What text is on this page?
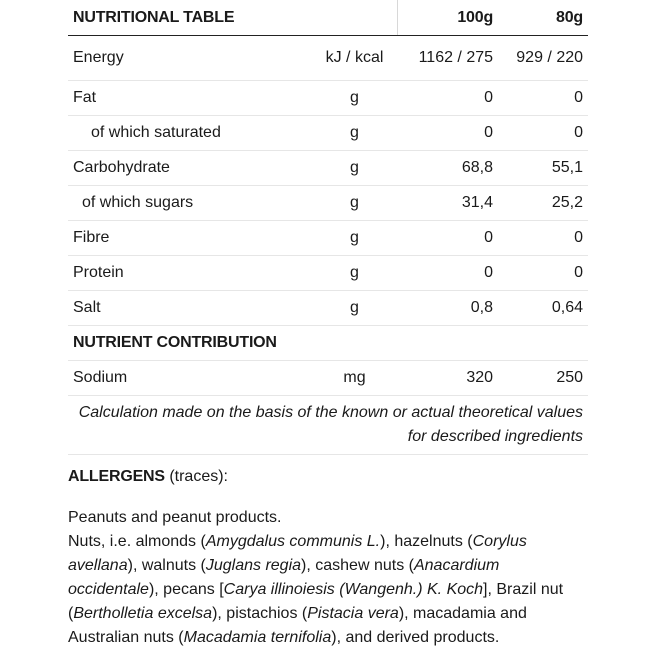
NUTRITIONAL TABLE		100g	80g
Energy	kJ / kcal	1162 / 275	929 / 220
Fat	g	0	0
of which saturated	g	0	0
Carbohydrate	g	68,8	55,1
of which sugars	g	31,4	25,2
Fibre	g	0	0
Protein	g	0	0
Salt	g	0,8	0,64
NUTRIENT CONTRIBUTION			
Sodium	mg	320	250
Calculation made on the basis of the known or actual theoretical values for described ingredients			
ALLERGENS (traces):

Peanuts and peanut products.

Nuts, i.e. almonds (Amygdalus communis L.), hazelnuts (Corylus avellana), walnuts (Juglans regia), cashew nuts (Anacardium occidentale), pecans [Carya illinoiesis (Wangenh.) K. Koch], Brazil nut (Bertholletia excelsa), pistachios (Pistacia vera), macadamia and Australian nuts (Macadamia ternifolia), and derived products.
